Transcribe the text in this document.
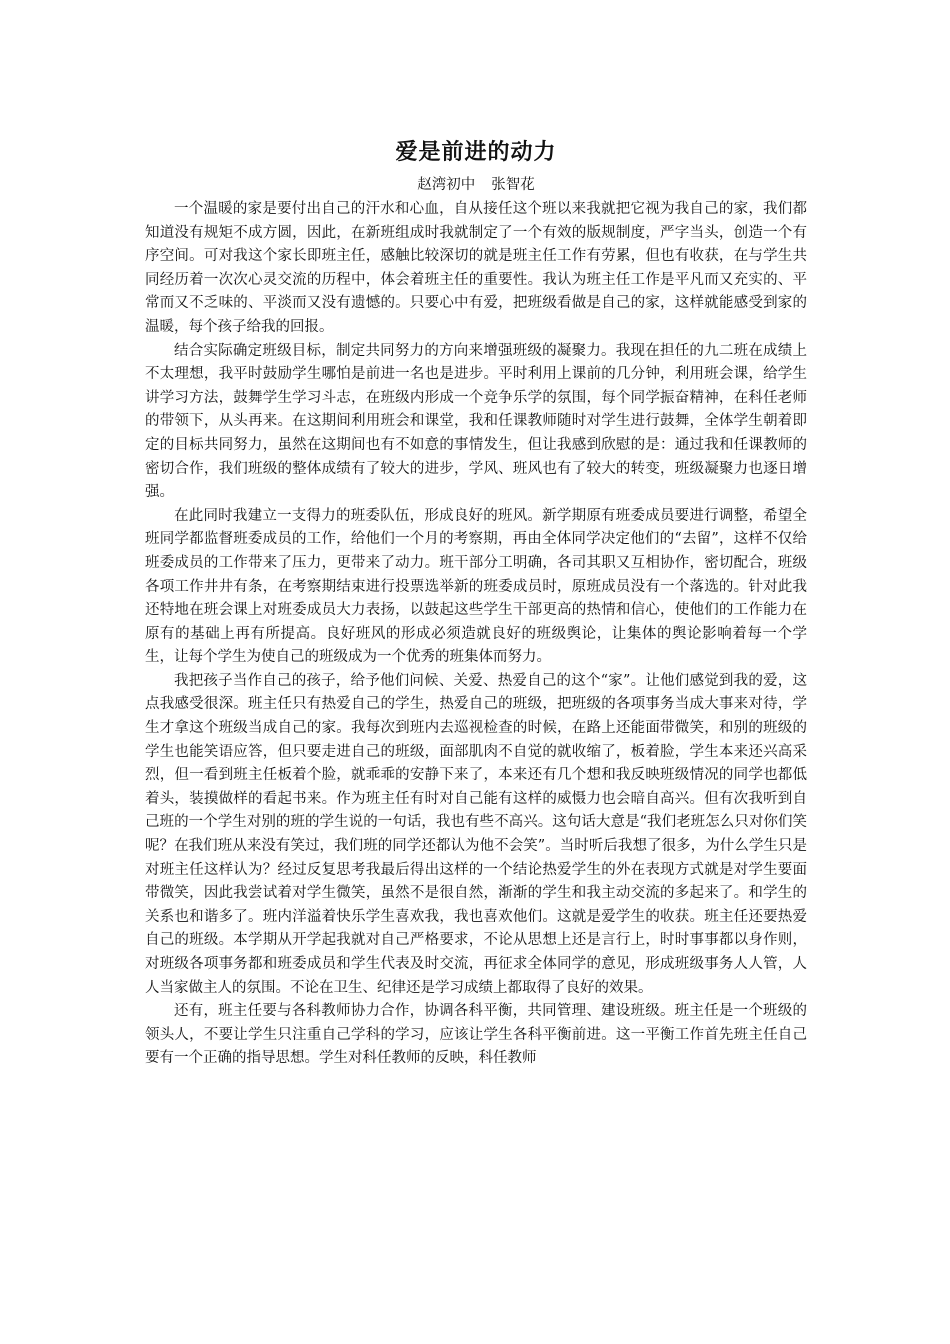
爱是前进的动力
赵湾初中 张智花

一个温暖的家是要付出自己的汗水和心血，自从接任这个班以来我就把它视为我自己的家，我们都知道没有规矩不成方圆，因此，在新班组成时我就制定了一个有效的版规制度，严字当头，创造一个有序空间。可对我这个家长即班主任，感触比较深切的就是班主任工作有劳累，但也有收获，在与学生共同经历着一次次心灵交流的历程中，体会着班主任的重要性。我认为班主任工作是平凡而又充实的、平常而又不乏味的、平淡而又没有遗憾的。只要心中有爱，把班级看做是自己的家，这样就能感受到家的温暖，每个孩子给我的回报。

结合实际确定班级目标，制定共同努力的方向来增强班级的凝聚力。我现在担任的九二班在成绩上不太理想，我平时鼓励学生哪怕是前进一名也是进步。平时利用上课前的几分钟，利用班会课，给学生讲学习方法，鼓舞学生学习斗志，在班级内形成一个竞争乐学的氛围，每个同学振奋精神，在科任老师的带领下，从头再来。在这期间利用班会和课堂，我和任课教师随时对学生进行鼓舞，全体学生朝着即定的目标共同努力，虽然在这期间也有不如意的事情发生，但让我感到欣慰的是：通过我和任课教师的密切合作，我们班级的整体成绩有了较大的进步，学风、班风也有了较大的转变，班级凝聚力也逐日增强。

在此同时我建立一支得力的班委队伍，形成良好的班风。新学期原有班委成员要进行调整，希望全班同学都监督班委成员的工作，给他们一个月的考察期，再由全体同学决定他们的“去留”，这样不仅给班委成员的工作带来了压力，更带来了动力。班干部分工明确，各司其职又互相协作，密切配合，班级各项工作井井有条，在考察期结束进行投票选举新的班委成员时，原班成员没有一个落选的。针对此我还特地在班会课上对班委成员大力表扬，以鼓起这些学生干部更高的热情和信心，使他们的工作能力在原有的基础上再有所提高。良好班风的形成必须造就良好的班级舆论，让集体的舆论影响着每一个学生，让每个学生为使自己的班级成为一个优秀的班集体而努力。

我把孩子当作自己的孩子，给予他们问候、关爱、热爱自己的这个“家”。让他们感觉到我的爱，这点我感受很深。班主任只有热爱自己的学生，热爱自己的班级，把班级的各项事务当成大事来对待，学生才拿这个班级当成自己的家。我每次到班内去巡视检查的时候，在路上还能面带微笑，和别的班级的学生也能笑语应答，但只要走进自己的班级，面部肌肉不自觉的就收缩了，板着脸，学生本来还兴高采烈，但一看到班主任板着个脸，就乖乖的安静下来了，本来还有几个想和我反映班级情况的同学也都低着头，装摸做样的看起书来。作为班主任有时对自己能有这样的威慑力也会暗自高兴。但有次我听到自己班的一个学生对别的班的学生说的一句话，我也有些不高兴。这句话大意是“我们老班怎么只对你们笑呢？在我们班从来没有笑过，我们班的同学还都认为他不会笑”。当时听后我想了很多，为什么学生只是对班主任这样认为？经过反复思考我最后得出这样的一个结论热爱学生的外在表现方式就是对学生要面带微笑，因此我尝试着对学生微笑，虽然不是很自然，渐渐的学生和我主动交流的多起来了。和学生的关系也和谐多了。班内洋溢着快乐学生喜欢我，我也喜欢他们。这就是爱学生的收获。班主任还要热爱自己的班级。本学期从开学起我就对自己严格要求，不论从思想上还是言行上，时时事事都以身作则，对班级各项事务都和班委成员和学生代表及时交流，再征求全体同学的意见，形成班级事务人人管，人人当家做主人的氛围。不论在卫生、纪律还是学习成绩上都取得了良好的效果。

还有，班主任要与各科教师协力合作，协调各科平衡，共同管理、建设班级。班主任是一个班级的领头人，不要让学生只注重自己学科的学习，应该让学生各科平衡前进。这一平衡工作首先班主任自己要有一个正确的指导思想。学生对科任教师的反映，科任教师
